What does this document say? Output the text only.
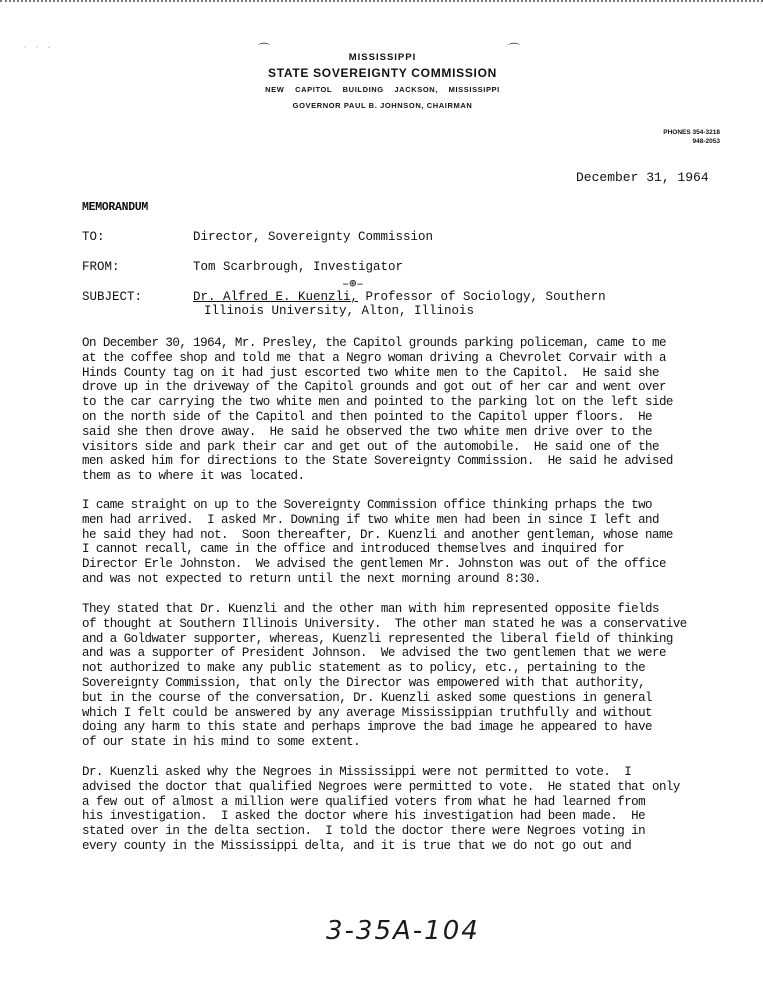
˙ ˙ ´	⌒	⌒
MISSISSIPPI
STATE SOVEREIGNTY COMMISSION
NEW CAPITOL BUILDING JACKSON, MISSISSIPPI
GOVERNOR PAUL B. JOHNSON, CHAIRMAN
PHONES 354-3218
948-2053
December 31, 1964
MEMORANDUM
TO:	Director, Sovereignty Commission
FROM:	Tom Scarbrough, Investigator
–⊕–
SUBJECT:	Dr. Alfred E. Kuenzli, Professor of Sociology, Southern
Illinois University, Alton, Illinois
On December 30, 1964, Mr. Presley, the Capitol grounds parking policeman, came to me
at the coffee shop and told me that a Negro woman driving a Chevrolet Corvair with a
Hinds County tag on it had just escorted two white men to the Capitol.  He said she
drove up in the driveway of the Capitol grounds and got out of her car and went over
to the car carrying the two white men and pointed to the parking lot on the left side
on the north side of the Capitol and then pointed to the Capitol upper floors.  He
said she then drove away.  He said he observed the two white men drive over to the
visitors side and park their car and get out of the automobile.  He said one of the
men asked him for directions to the State Sovereignty Commission.  He said he advised
them as to where it was located.
I came straight on up to the Sovereignty Commission office thinking prhaps the two
men had arrived.  I asked Mr. Downing if two white men had been in since I left and
he said they had not.  Soon thereafter, Dr. Kuenzli and another gentleman, whose name
I cannot recall, came in the office and introduced themselves and inquired for
Director Erle Johnston.  We advised the gentlemen Mr. Johnston was out of the office
and was not expected to return until the next morning around 8:30.
They stated that Dr. Kuenzli and the other man with him represented opposite fields
of thought at Southern Illinois University.  The other man stated he was a conservative
and a Goldwater supporter, whereas, Kuenzli represented the liberal field of thinking
and was a supporter of President Johnson.  We advised the two gentlemen that we were
not authorized to make any public statement as to policy, etc., pertaining to the
Sovereignty Commission, that only the Director was empowered with that authority,
but in the course of the conversation, Dr. Kuenzli asked some questions in general
which I felt could be answered by any average Mississippian truthfully and without
doing any harm to this state and perhaps improve the bad image he appeared to have
of our state in his mind to some extent.
Dr. Kuenzli asked why the Negroes in Mississippi were not permitted to vote.  I
advised the doctor that qualified Negroes were permitted to vote.  He stated that only
a few out of almost a million were qualified voters from what he had learned from
his investigation.  I asked the doctor where his investigation had been made.  He
stated over in the delta section.  I told the doctor there were Negroes voting in
every county in the Mississippi delta, and it is true that we do not go out and
3-35A-104
